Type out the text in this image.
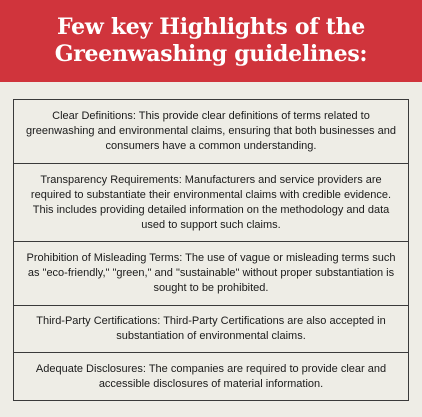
Few key Highlights of the
Greenwashing guidelines:

Clear Definitions: This provide clear definitions of terms related to greenwashing and environmental claims, ensuring that both businesses and consumers have a common understanding.

Transparency Requirements: Manufacturers and service providers are required to substantiate their environmental claims with credible evidence. This includes providing detailed information on the methodology and data used to support such claims.

Prohibition of Misleading Terms: The use of vague or misleading terms such as "eco-friendly," "green," and "sustainable" without proper substantiation is sought to be prohibited.

Third-Party Certifications: Third-Party Certifications are also accepted in substantiation of environmental claims.

Adequate Disclosures: The companies are required to provide clear and accessible disclosures of material information.
